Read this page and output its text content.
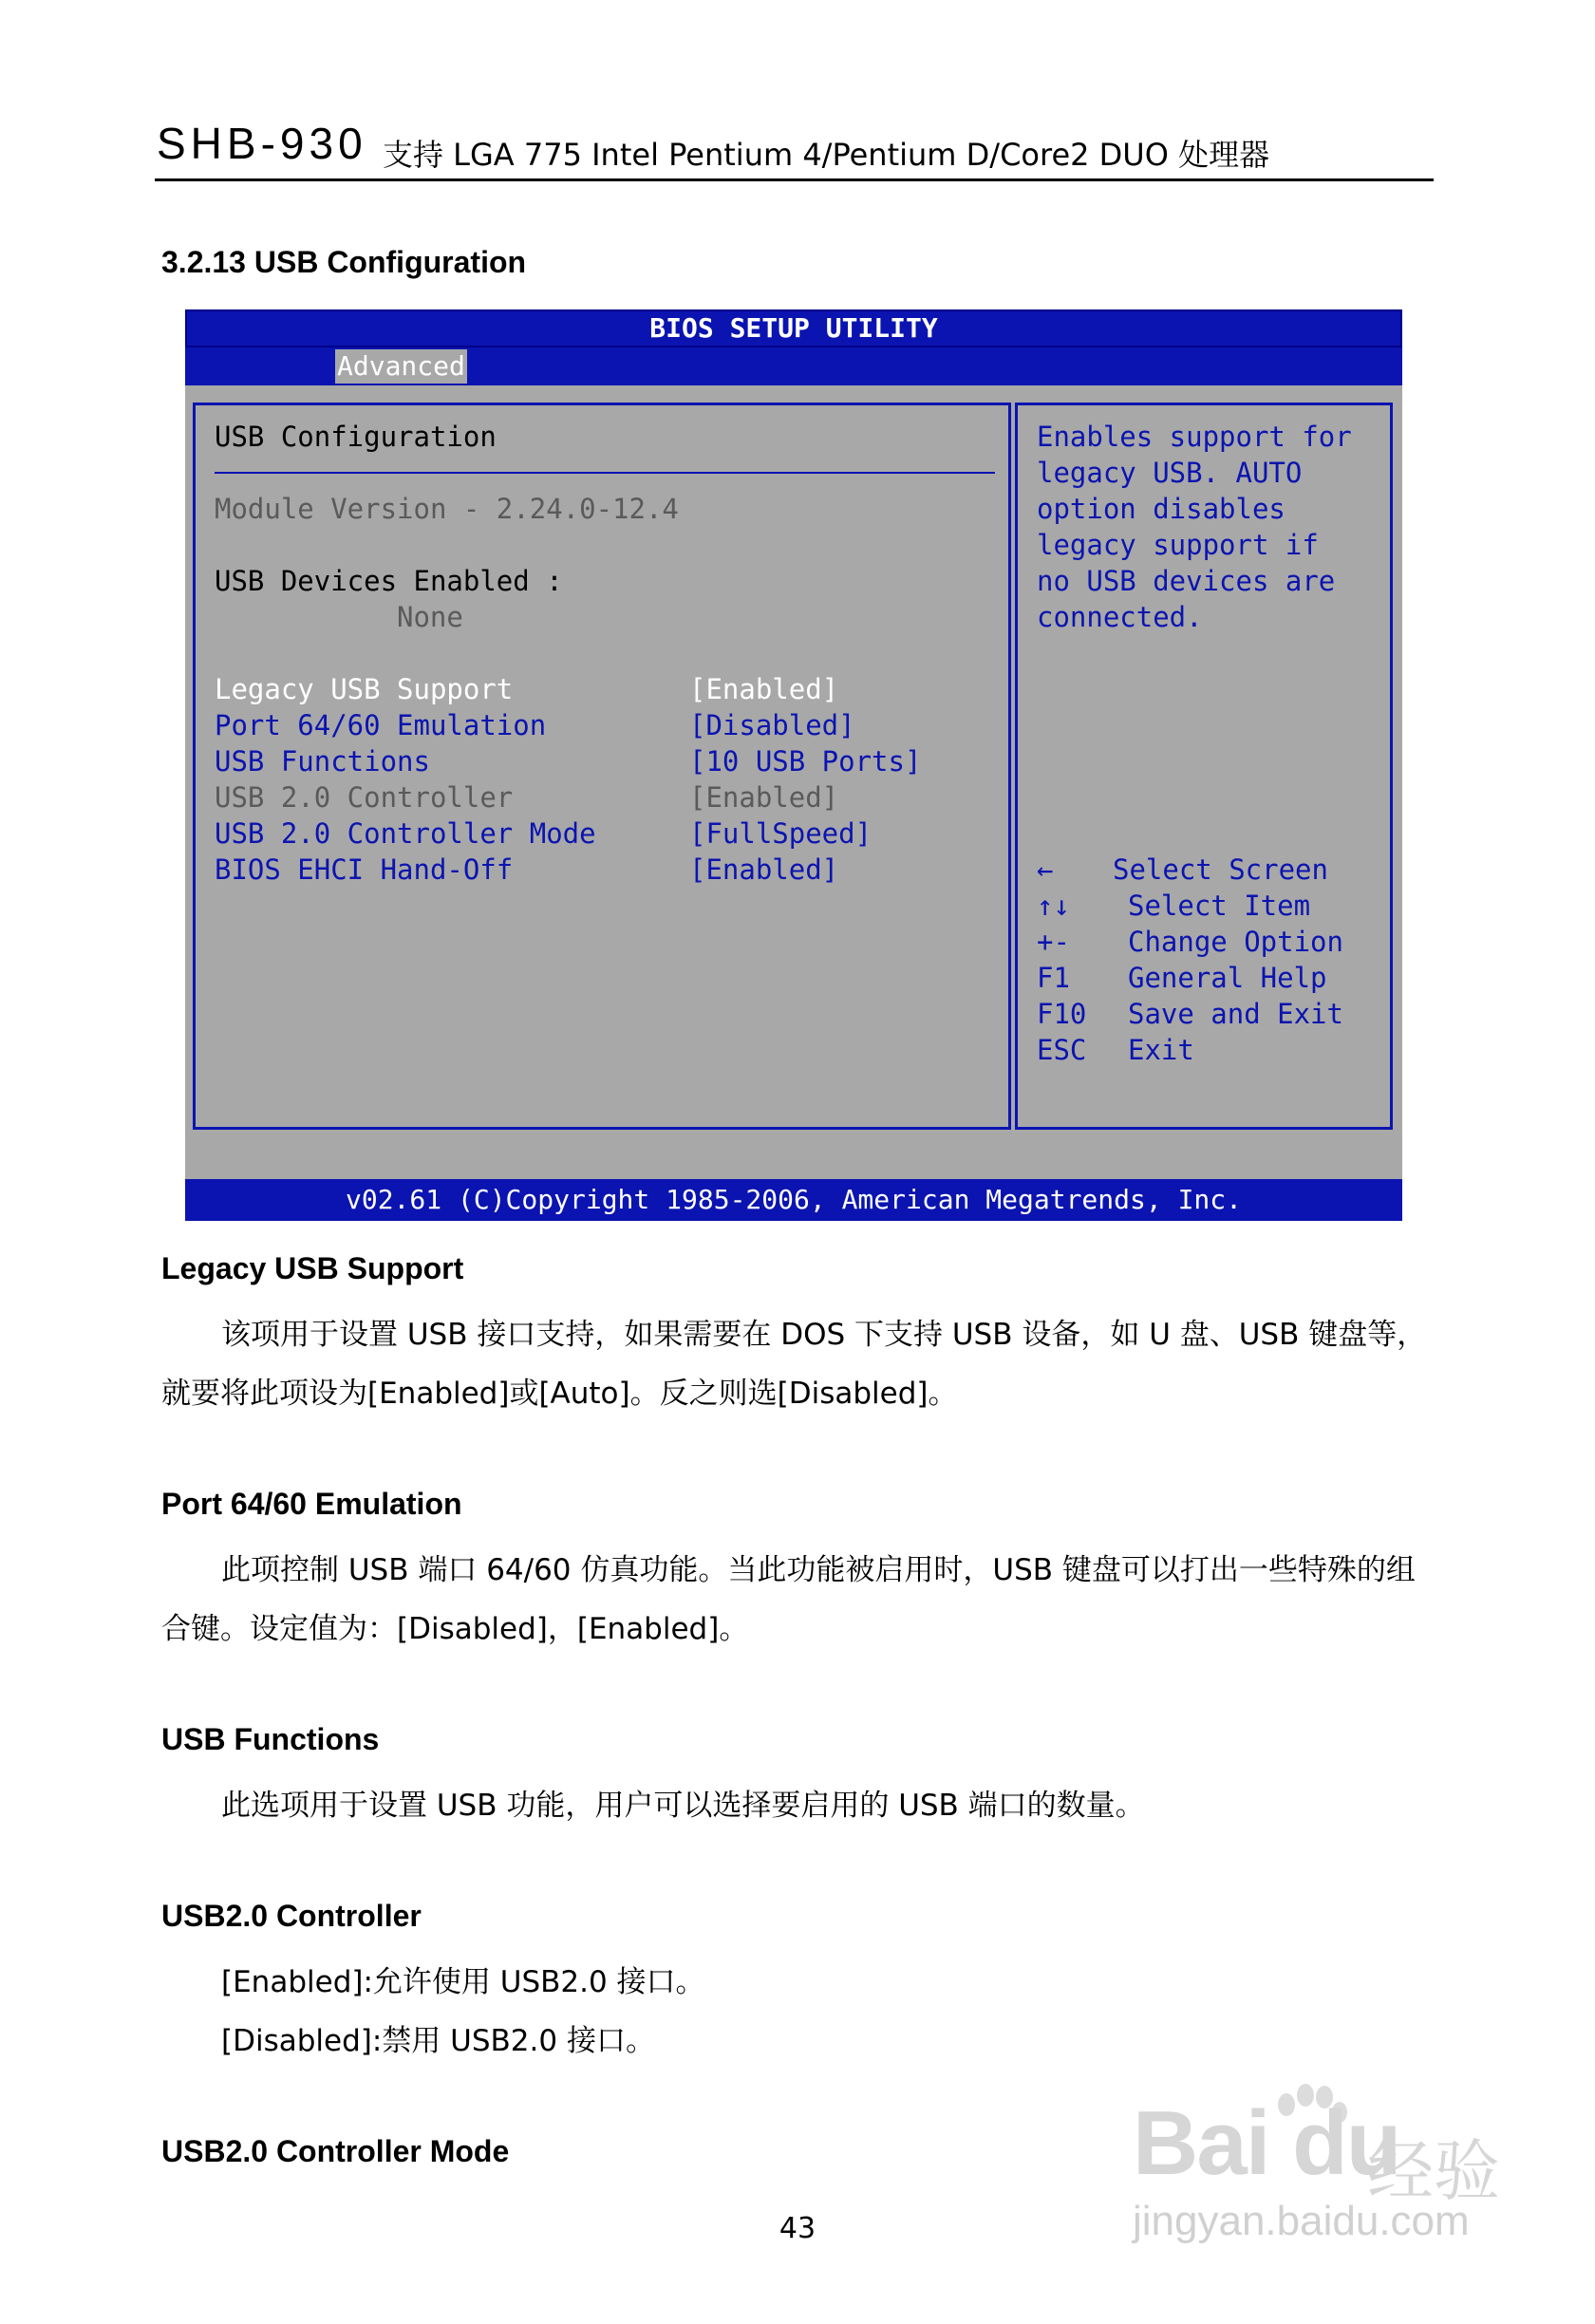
SHB-930 支持 LGA 775 Intel Pentium 4/Pentium D/Core2 DUO 处理器
3.2.13 USB Configuration
BIOS SETUP UTILITY
Advanced
USB Configuration
Module Version - 2.24.0-12.4
USB Devices Enabled :
None
Legacy USB Support	[Enabled]
Port 64/60 Emulation	[Disabled]
USB Functions	[10 USB Ports]
USB 2.0 Controller	[Enabled]
USB 2.0 Controller Mode	[FullSpeed]
BIOS EHCI Hand-Off	[Enabled]
Enables support for
legacy USB. AUTO
option disables
legacy support if
no USB devices are
connected.
← Select Screen
↑↓ Select Item
+- Change Option
F1 General Help
F10 Save and Exit
ESC Exit
v02.61 (C)Copyright 1985-2006, American Megatrends, Inc.
Legacy USB Support
该项用于设置 USB 接口支持，如果需要在 DOS 下支持 USB 设备，如 U 盘、USB 键盘等，
就要将此项设为[Enabled]或[Auto]。反之则选[Disabled]。
Port 64/60 Emulation
此项控制 USB 端口 64/60 仿真功能。当此功能被启用时，USB 键盘可以打出一些特殊的组
合键。设定值为：[Disabled]，[Enabled]。
USB Functions
此选项用于设置 USB 功能，用户可以选择要启用的 USB 端口的数量。
USB2.0 Controller
[Enabled]:允许使用 USB2.0 接口。
[Disabled]:禁用 USB2.0 接口。
USB2.0 Controller Mode
43
Bai du
经验
jingyan.baidu.com
